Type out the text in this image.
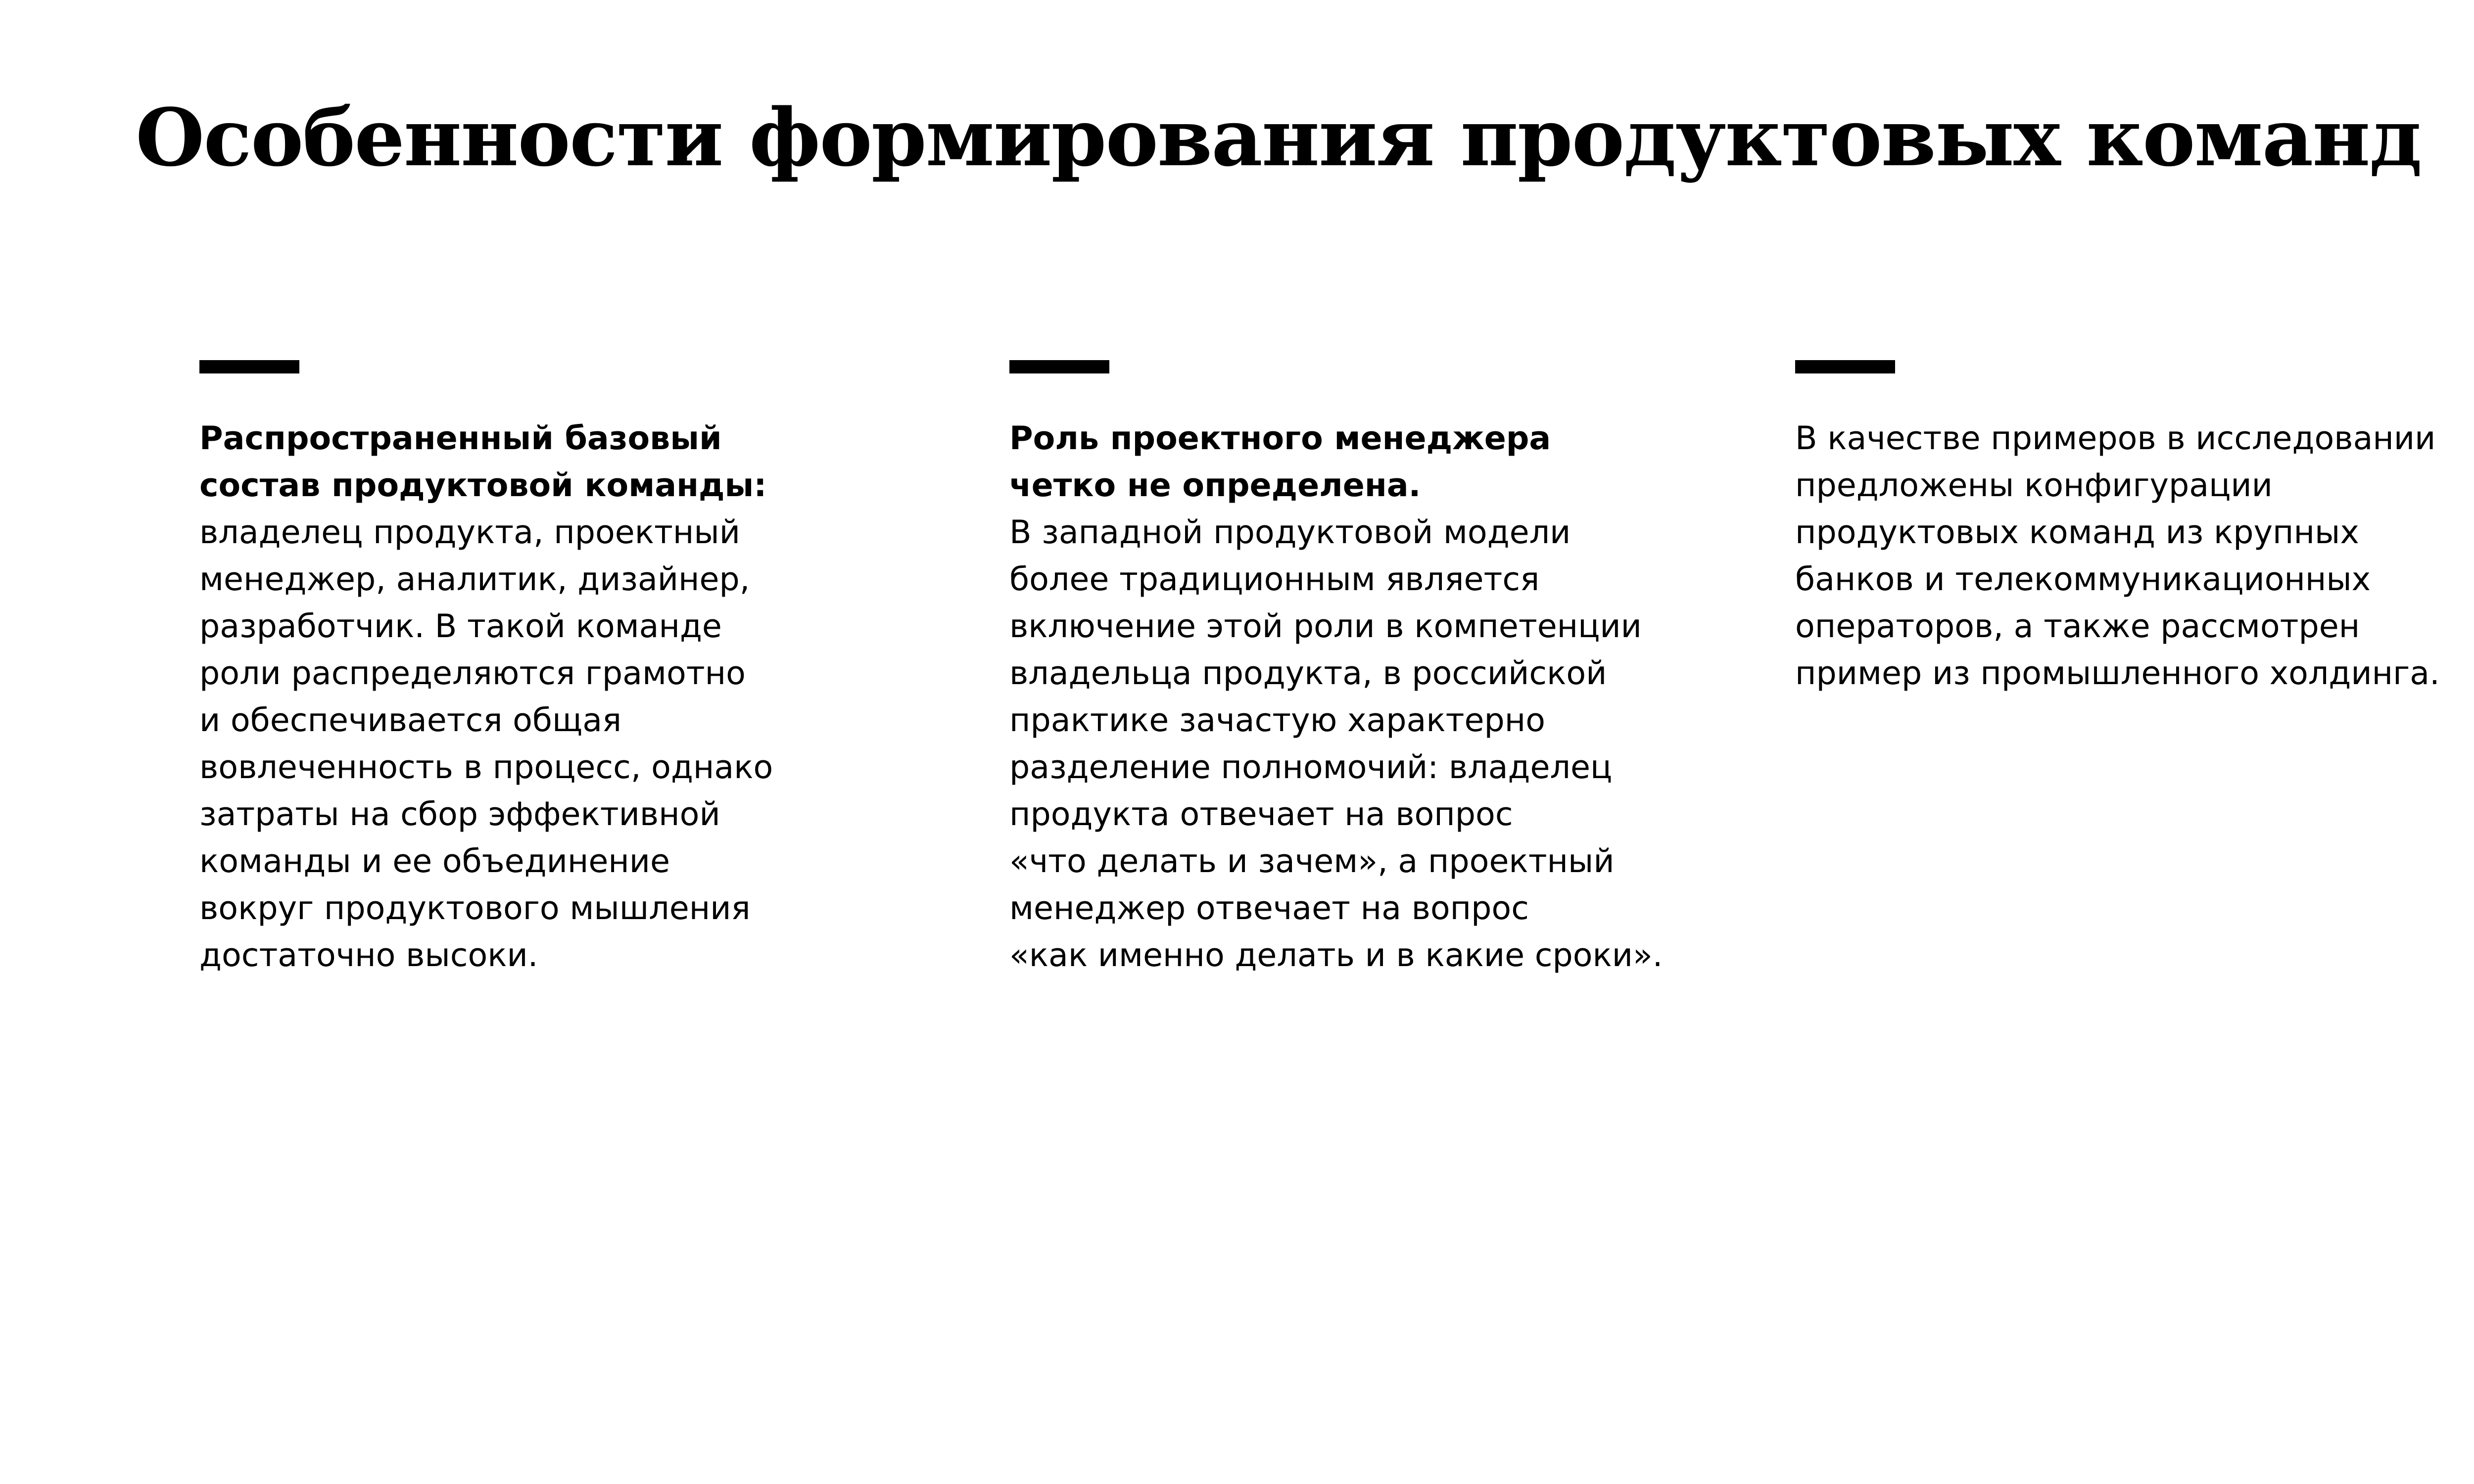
Особенности формирования продуктовых команд
Распространенный базовый
состав продуктовой команды:
владелец продукта, проектный
менеджер, аналитик, дизайнер,
разработчик. В такой команде
роли распределяются грамотно
и обеспечивается общая
вовлеченность в процесс, однако
затраты на сбор эффективной
команды и ее объединение
вокруг продуктового мышления
достаточно высоки.
Роль проектного менеджера
четко не определена.
В западной продуктовой модели
более традиционным является
включение этой роли в компетенции
владельца продукта, в российской
практике зачастую характерно
разделение полномочий: владелец
продукта отвечает на вопрос
«что делать и зачем», а проектный
менеджер отвечает на вопрос
«как именно делать и в какие сроки».
В качестве примеров в исследовании
предложены конфигурации
продуктовых команд из крупных
банков и телекоммуникационных
операторов, а также рассмотрен
пример из промышленного холдинга.
